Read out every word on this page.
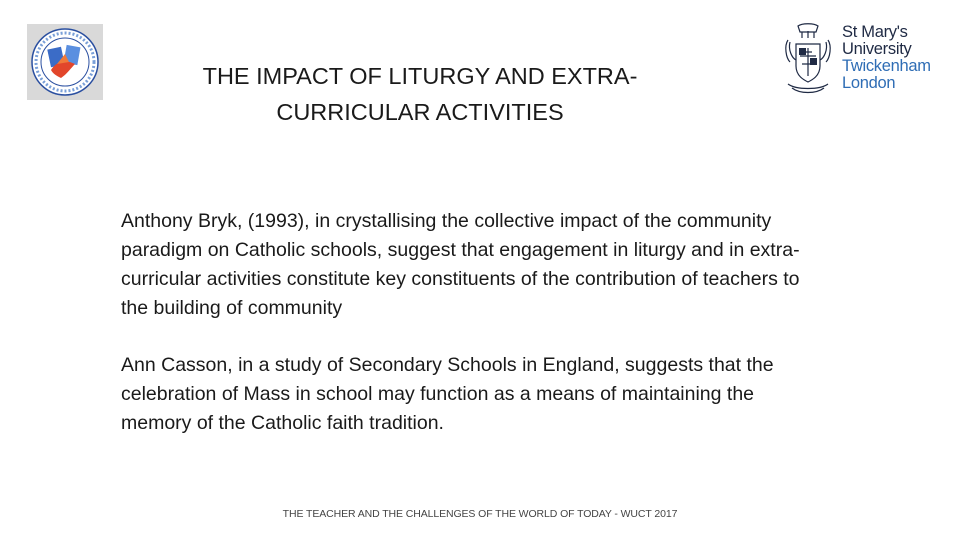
THE IMPACT OF LITURGY AND EXTRA-CURRICULAR ACTIVITIES
St Mary's
University
Twickenham
London

Anthony Bryk, (1993), in crystallising the collective impact of the community paradigm on Catholic schools, suggest that engagement in liturgy and in extra-curricular activities constitute key constituents of the contribution of teachers to the building of community

Ann Casson, in a study of Secondary Schools in England, suggests that the celebration of Mass in school may function as a means of maintaining the memory of the Catholic faith tradition.

THE TEACHER AND THE CHALLENGES OF THE WORLD OF TODAY - WUCT 2017
